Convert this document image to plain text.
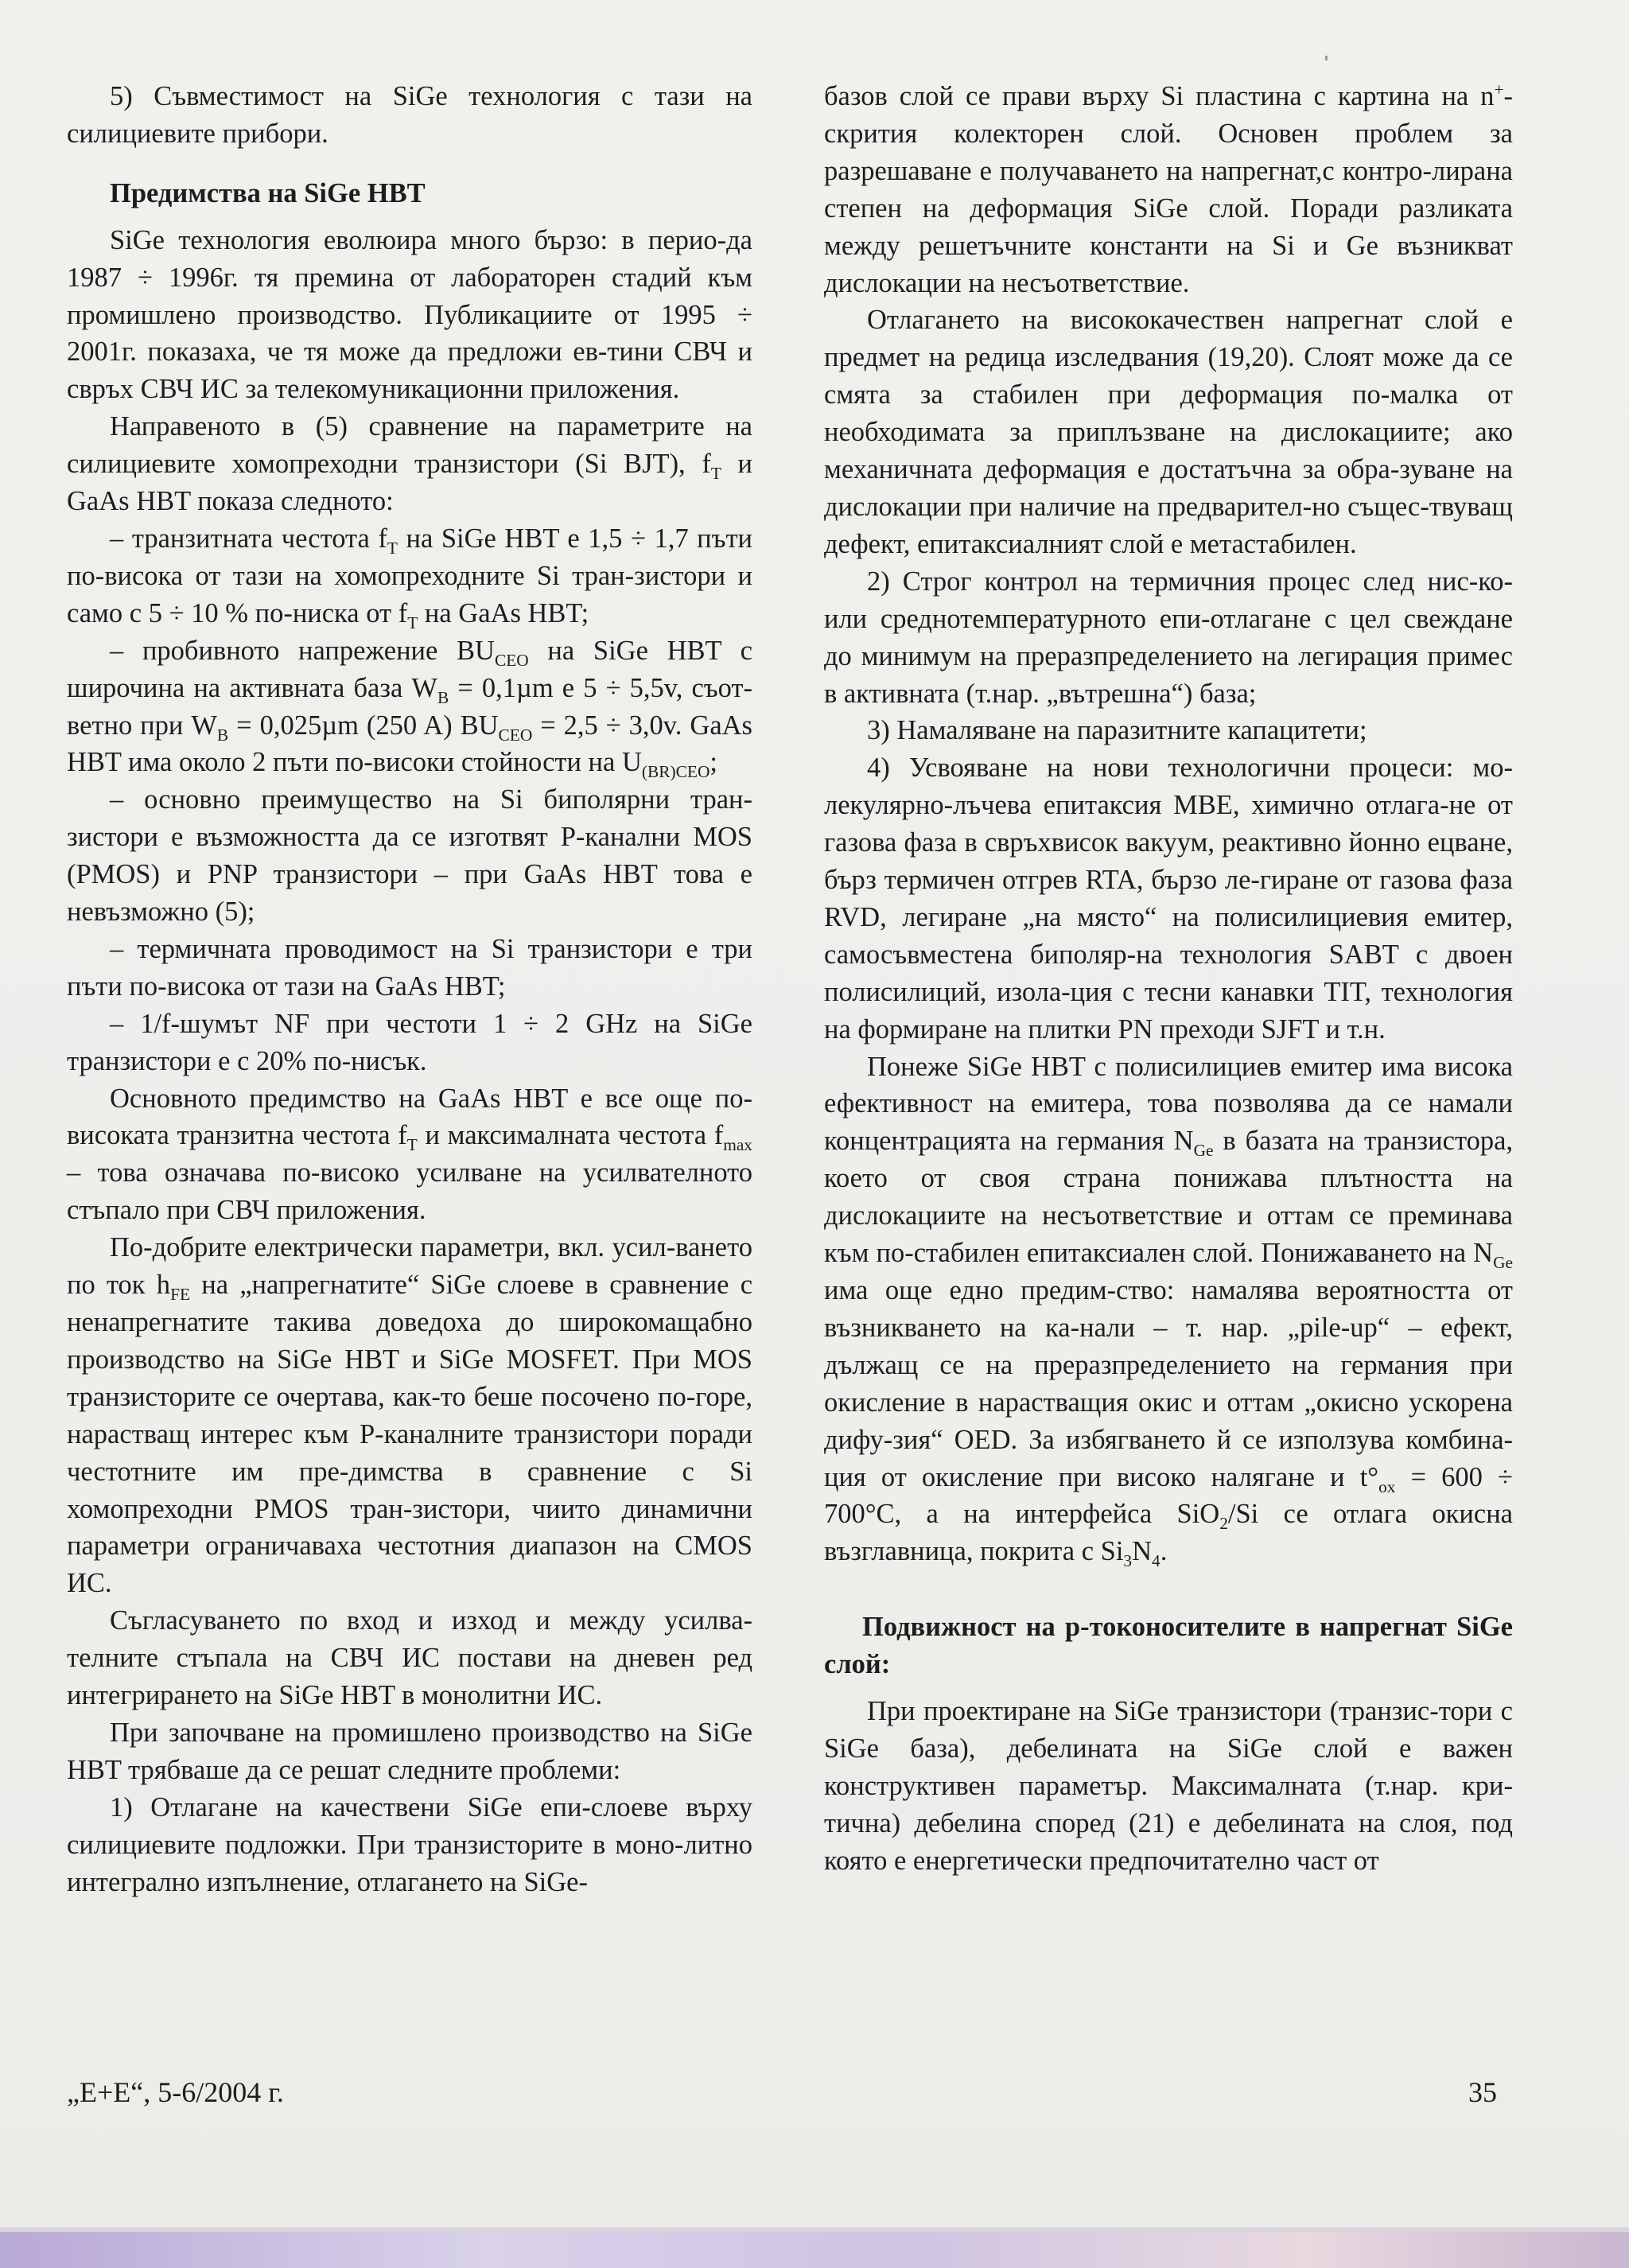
5) Съвместимост на SiGe технология с тази на силициевите прибори.

Предимства на SiGe HBT

SiGe технология еволюира много бързо: в перио-да 1987 ÷ 1996г. тя премина от лабораторен стадий към промишлено производство. Публикациите от 1995 ÷ 2001г. показаха, че тя може да предложи ев-тини СВЧ и свръх СВЧ ИС за телекомуникационни приложения.

Направеното в (5) сравнение на параметрите на силициевите хомопреходни транзистори (Si BJT), $f_T$ и GaAs HBT показа следното:

– транзитната честота $f_T$ на SiGe HBT е 1,5 ÷ 1,7 пъти по-висока от тази на хомопреходните Si тран-зистори и само с 5 ÷ 10 % по-ниска от $f_T$ на GaAs HBT;

– пробивното напрежение $BU_{CEO}$ на SiGe HBT с широчина на активната база $W_B = 0,1\mu m$ е 5 ÷ 5,5v, съот-ветно при $W_B = 0,025\mu m$ (250 A) $BU_{CEO} = 2,5 \div 3,0v$. GaAs HBT има около 2 пъти по-високи стойности на $U_{(BR)CEO}$;

– основно преимущество на Si биполярни тран-зистори е възможността да се изготвят Р-канални MOS (PMOS) и PNP транзистори – при GaAs HBT това е невъзможно (5);

– термичната проводимост на Si транзистори е три пъти по-висока от тази на GaAs HBT;

– 1/f-шумът NF при честоти 1 ÷ 2 GHz на SiGe транзистори е с 20% по-нисък.

Основното предимство на GaAs HBT е все още по-високата транзитна честота $f_T$ и максималната честота $f_{max}$ – това означава по-високо усилване на усилвателното стъпало при СВЧ приложения.

По-добрите електрически параметри, вкл. усил-ването по ток $h_{FE}$ на „напрегнатите“ SiGe слоеве в сравнение с ненапрегнатите такива доведоха до широкомащабно производство на SiGe HBT и SiGe MOSFET. При MOS транзисторите се очертава, как-то беше посочено по-горе, нарастващ интерес към Р-каналните транзистори поради честотните им пре-димства в сравнение с Si хомопреходни PMOS тран-зистори, чиито динамични параметри ограничаваха честотния диапазон на CMOS ИС.

Съгласуването по вход и изход и между усилва-телните стъпала на СВЧ ИС постави на дневен ред интегрирането на SiGe HBT в монолитни ИС.

При започване на промишлено производство на SiGe HBT трябваше да се решат следните проблеми:

1) Отлагане на качествени SiGe епи-слоеве върху силициевите подложки. При транзисторите в моно-литно интегрално изпълнение, отлагането на SiGe-

базов слой се прави върху Si пластина с картина на n+-скрития колекторен слой. Основен проблем за разрешаване е получаването на напрегнат,с контро-лирана степен на деформация SiGe слой. Поради разликата между решетъчните константи на Si и Ge възникват дислокации на несъответствие.

Отлагането на висококачествен напрегнат слой е предмет на редица изследвания (19,20). Слоят може да се смята за стабилен при деформация по-малка от необходимата за приплъзване на дислокациите; ако механичната деформация е достатъчна за обра-зуване на дислокации при наличие на предварител-но същес-твуващ дефект, епитаксиалният слой е метастабилен.

2) Строг контрол на термичния процес след нис-ко- или среднотемпературното епи-отлагане с цел свеждане до минимум на преразпределението на легирация примес в активната (т.нар. „вътрешна“) база;

3) Намаляване на паразитните капацитети;

4) Усвояване на нови технологични процеси: мо-лекулярно-лъчева епитаксия MBE, химично отлага-не от газова фаза в свръхвисок вакуум, реактивно йонно ецване, бърз термичен отгрев RTA, бързо ле-гиране от газова фаза RVD, легиране „на място“ на полисилициевия емитер, самосъвместена биполяр-на технология SABT с двоен полисилиций, изола-ция с тесни канавки TIT, технология на формиране на плитки PN преходи SJFT и т.н.

Понеже SiGe HBT с полисилициев емитер има висока ефективност на емитера, това позволява да се намали концентрацията на германия $N_{Ge}$ в базата на транзистора, което от своя страна понижава плътността на дислокациите на несъответствие и оттам се преминава към по-стабилен епитаксиален слой. Понижаването на $N_{Ge}$ има още едно предим-ство: намалява вероятността от възникването на ка-нали – т. нар. „pile-up“ – ефект, дължащ се на преразпределението на германия при окисление в нарастващия окис и оттам „окисно ускорена дифу-зия“ OED. За избягването й се използува комбина-ция от окисление при високо налягане и $t^\circ_{ox} = 600 \div 700^\circ C$, а на интерфейса SiO$_2$/Si се отлага окисна възглавница, покрита с $Si_3N_4$.

Подвижност на р-токоносителите в напрегнат SiGe слой:

При проектиране на SiGe транзистори (транзис-тори с SiGe база), дебелината на SiGe слой е важен конструктивен параметър. Максималната (т.нар. кри-тична) дебелина според (21) е дебелината на слоя, под която е енергетически предпочитателно част от

„E+E“, 5-6/2004 г.	35
